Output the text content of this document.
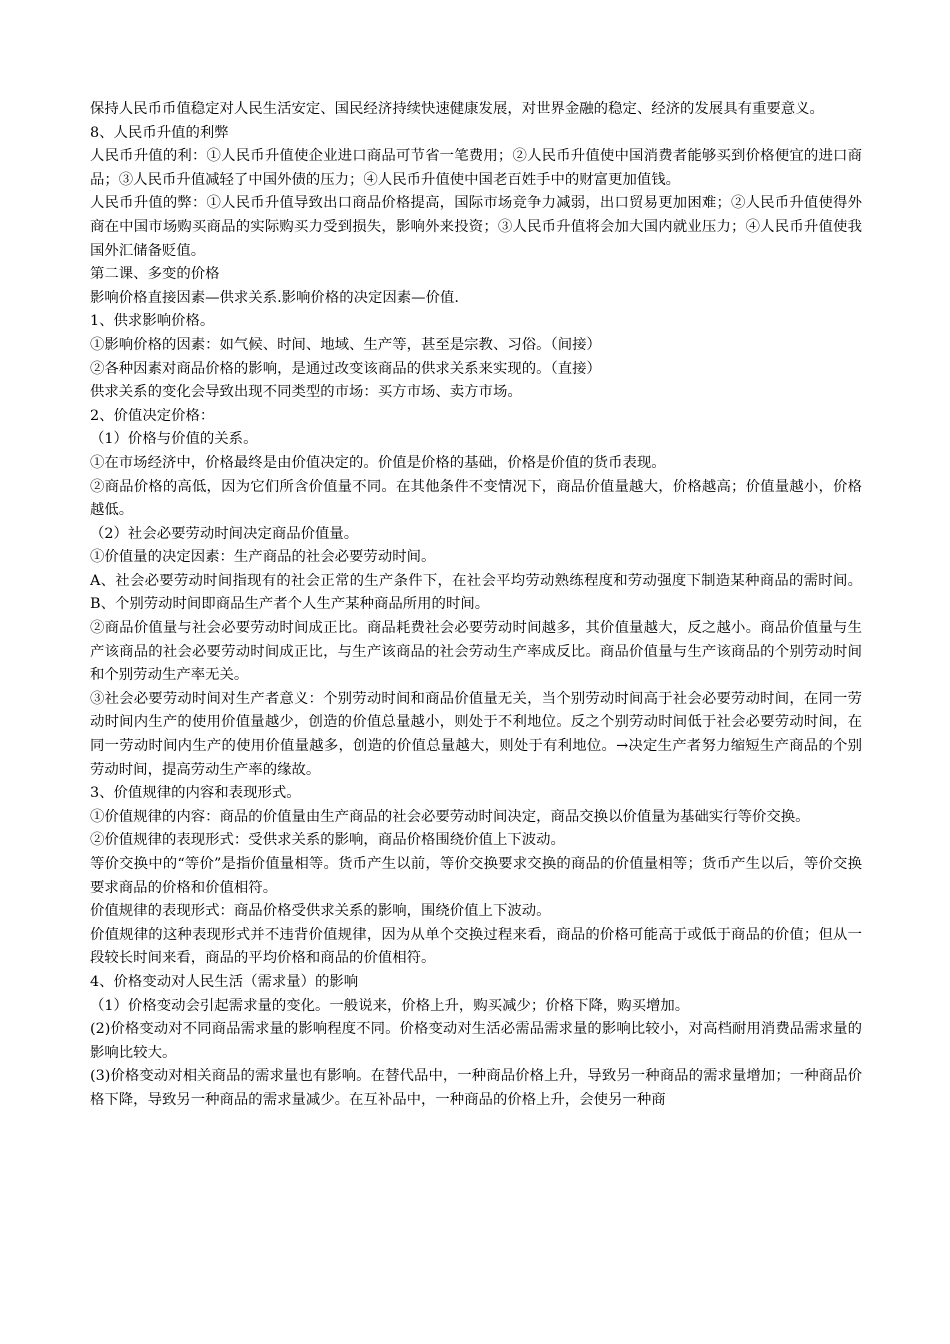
保持人民币币值稳定对人民生活安定、国民经济持续快速健康发展，对世界金融的稳定、经济的发展具有重要意义。

8、人民币升值的利弊

人民币升值的利：①人民币升值使企业进口商品可节省一笔费用；②人民币升值使中国消费者能够买到价格便宜的进口商品；③人民币升值减轻了中国外债的压力；④人民币升值使中国老百姓手中的财富更加值钱。

人民币升值的弊：①人民币升值导致出口商品价格提高，国际市场竞争力减弱，出口贸易更加困难；②人民币升值使得外商在中国市场购买商品的实际购买力受到损失，影响外来投资；③人民币升值将会加大国内就业压力；④人民币升值使我国外汇储备贬值。

第二课、多变的价格

影响价格直接因素—供求关系.影响价格的决定因素—价值.

1、供求影响价格。

①影响价格的因素：如气候、时间、地域、生产等，甚至是宗教、习俗。（间接）

②各种因素对商品价格的影响，是通过改变该商品的供求关系来实现的。（直接）

供求关系的变化会导致出现不同类型的市场：买方市场、卖方市场。

2、价值决定价格：

（1）价格与价值的关系。

①在市场经济中，价格最终是由价值决定的。价值是价格的基础，价格是价值的货币表现。

②商品价格的高低，因为它们所含价值量不同。在其他条件不变情况下，商品价值量越大，价格越高；价值量越小，价格越低。

（2）社会必要劳动时间决定商品价值量。

①价值量的决定因素：生产商品的社会必要劳动时间。

A、社会必要劳动时间指现有的社会正常的生产条件下，在社会平均劳动熟练程度和劳动强度下制造某种商品的需时间。B、个别劳动时间即商品生产者个人生产某种商品所用的时间。

②商品价值量与社会必要劳动时间成正比。商品耗费社会必要劳动时间越多，其价值量越大，反之越小。商品价值量与生产该商品的社会必要劳动时间成正比，与生产该商品的社会劳动生产率成反比。商品价值量与生产该商品的个别劳动时间和个别劳动生产率无关。

③社会必要劳动时间对生产者意义：个别劳动时间和商品价值量无关，当个别劳动时间高于社会必要劳动时间，在同一劳动时间内生产的使用价值量越少，创造的价值总量越小，则处于不利地位。反之个别劳动时间低于社会必要劳动时间，在同一劳动时间内生产的使用价值量越多，创造的价值总量越大，则处于有利地位。→决定生产者努力缩短生产商品的个别劳动时间，提高劳动生产率的缘故。

3、价值规律的内容和表现形式。

①价值规律的内容：商品的价值量由生产商品的社会必要劳动时间决定，商品交换以价值量为基础实行等价交换。

②价值规律的表现形式：受供求关系的影响，商品价格围绕价值上下波动。

等价交换中的“等价”是指价值量相等。货币产生以前，等价交换要求交换的商品的价值量相等；货币产生以后，等价交换要求商品的价格和价值相符。

价值规律的表现形式：商品价格受供求关系的影响，围绕价值上下波动。

价值规律的这种表现形式并不违背价值规律，因为从单个交换过程来看，商品的价格可能高于或低于商品的价值；但从一段较长时间来看，商品的平均价格和商品的价值相符。

4、价格变动对人民生活（需求量）的影响

（1）价格变动会引起需求量的变化。一般说来，价格上升，购买减少；价格下降，购买增加。

(2)价格变动对不同商品需求量的影响程度不同。价格变动对生活必需品需求量的影响比较小，对高档耐用消费品需求量的影响比较大。

(3)价格变动对相关商品的需求量也有影响。在替代品中，一种商品价格上升，导致另一种商品的需求量增加；一种商品价格下降，导致另一种商品的需求量减少。在互补品中，一种商品的价格上升，会使另一种商
